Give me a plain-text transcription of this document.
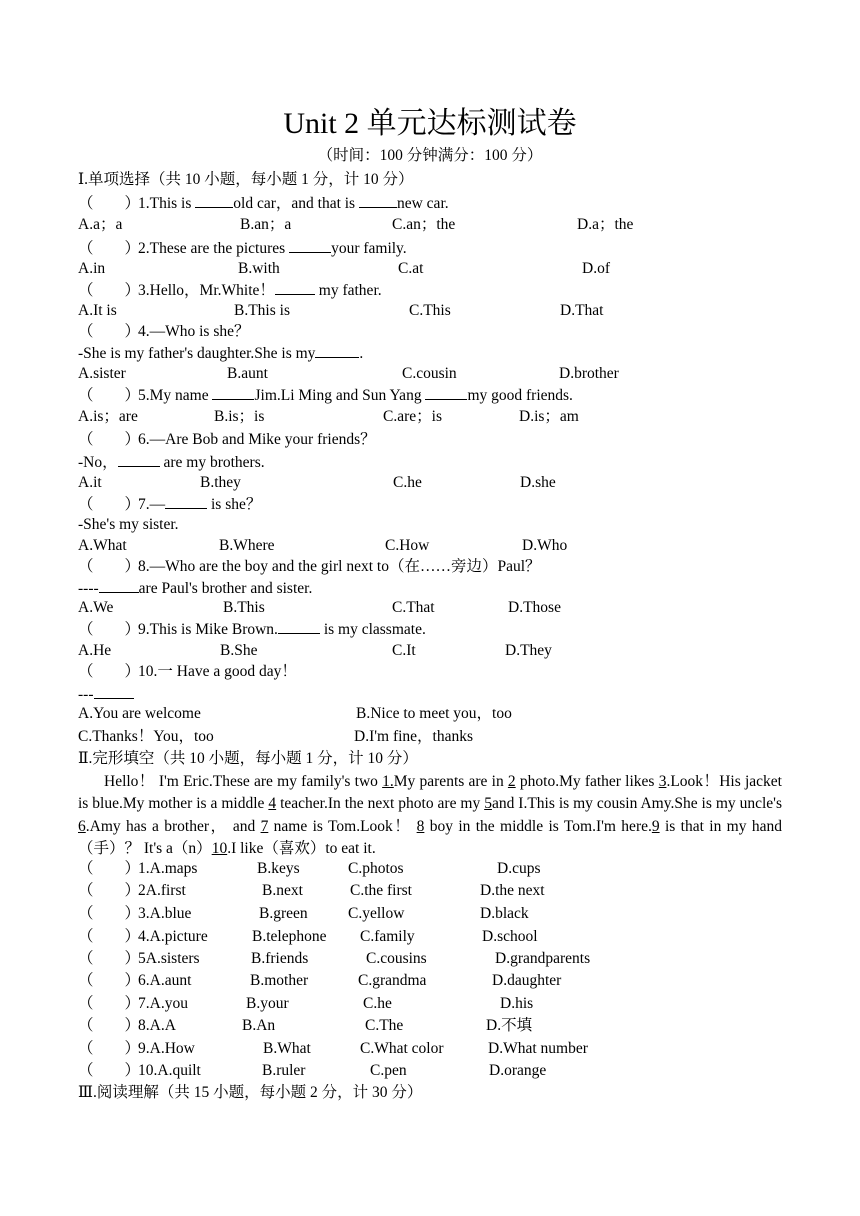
Unit 2 单元达标测试卷
（时间：100 分钟满分：100 分）
Ⅰ.单项选择（共 10 小题，每小题 1 分，计 10 分）
（　　）1.This is old car，and that is new car.
A.a；a	B.an；a	C.an；the	D.a；the
（　　）2.These are the pictures	your family.
A.in	B.with	C.at	D.of
（　　）3.Hello，Mr.White！	my father.
A.It is	B.This is	C.This	D.That
（　　）4.—Who is she？
-She is my father's daughter.She is my	.
A.sister	B.aunt	C.cousin	D.brother
（　　）5.My name	Jim.Li Ming and Sun Yang	my good friends.
A.is；are	B.is；is	C.are；is	D.is；am
（　　）6.—Are Bob and Mike your friends？
-No，	are my brothers.
A.it	B.they	C.he	D.she
（　　）7.—	is she？
-She's my sister.
A.What	B.Where	C.How	D.Who
（　　）8.—Who are the boy and the girl next to（在……旁边）Paul？
----	are Paul's brother and sister.
A.We	B.This	C.That	D.Those
（　　）9.This is Mike Brown.	is my classmate.
A.He	B.She	C.It	D.They
（　　）10.一 Have a good day！
---
A.You are welcome	B.Nice to meet you，too
C.Thanks！You，too	D.I'm fine，thanks
Ⅱ.完形填空（共 10 小题，每小题 1 分，计 10 分）
Hello！ I'm Eric.These are my family's two 1.My parents are in 2 photo.My father likes 3.Look！His jacket is blue.My mother is a middle 4 teacher.In the next photo are my 5and I.This is my cousin Amy.She is my uncle's 6.Amy has a brother， and 7 name is Tom.Look！ 8 boy in the middle is Tom.I'm here.9 is that in my hand（手）？ It's a（n）10.I like（喜欢）to eat it.
（　　）1.A.maps	B.keys	C.photos	D.cups
（　　）2A.first	B.next	C.the first	D.the next
（　　）3.A.blue	B.green	C.yellow	D.black
（　　）4.A.picture	B.telephone C.family	D.school
（　　）5A.sisters	B.friends	C.cousins	D.grandparents
（　　）6.A.aunt	B.mother	C.grandma	D.daughter
（　　）7.A.you	B.your	C.he	D.his
（　　）8.A.A	B.An	C.The	D.不填
（　　）9.A.How	B.What	C.What color	D.What number
（　　）10.A.quilt	B.ruler	C.pen	D.orange
Ⅲ.阅读理解（共 15 小题，每小题 2 分，计 30 分）
